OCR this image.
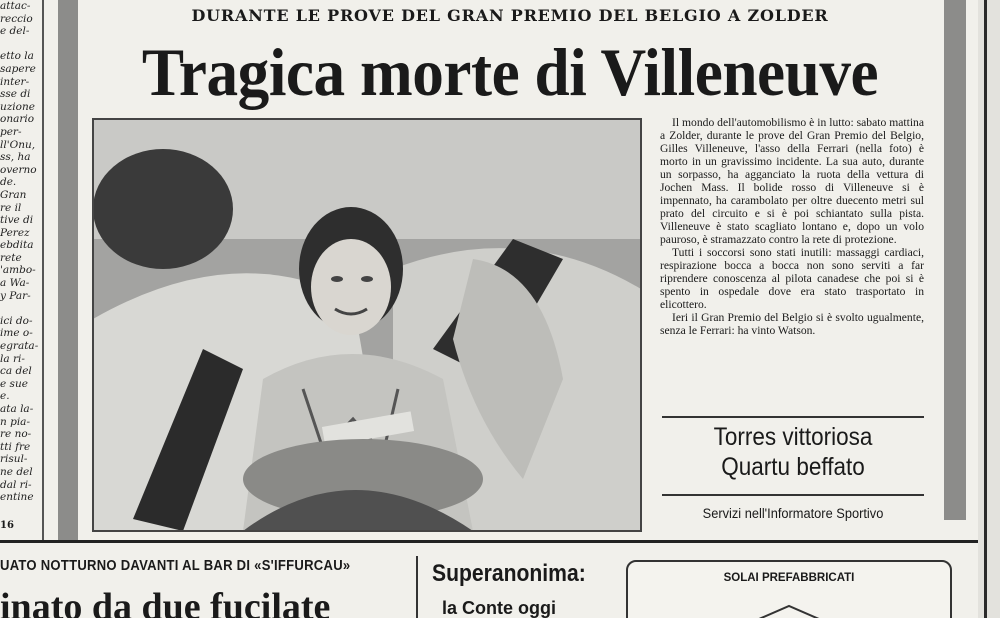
attac-
reccio
e del-

etto la
sapere
inter-
sse di
uzione
onario
per-
ll'Onu,
ss, ha
overno
de.
Gran
re il
tive di
Perez
ebdita
rete
'ambo-
a Wa-
y Par-

ici do-
ime o-
egrata-
la ri-
ca del
e sue
e.
ata la-
n pia-
re no-
tti fre
risul-
ne del
dal ri-
entine
DURANTE LE PROVE DEL GRAN PREMIO DEL BELGIO A ZOLDER
Tragica morte di Villeneuve

Il mondo dell'automobilismo è in lutto: sabato mattina a Zolder, durante le prove del Gran Premio del Belgio, Gilles Villeneuve, l'asso della Ferrari (nella foto) è morto in un gravissimo incidente. La sua auto, durante un sorpasso, ha agganciato la ruota della vettura di Jochen Mass. Il bolide rosso di Villeneuve si è impennato, ha carambolato per oltre duecento metri sul prato del circuito e si è poi schiantato sulla pista. Villeneuve è stato scagliato lontano e, dopo un volo pauroso, è stramazzato contro la rete di protezione.

Tutti i soccorsi sono stati inutili: massaggi cardiaci, respirazione bocca a bocca non sono serviti a far riprendere conoscenza al pilota canadese che poi si è spento in ospedale dove era stato trasportato in elicottero.

Ieri il Gran Premio del Belgio si è svolto ugualmente, senza le Ferrari: ha vinto Watson.

Torres vittoriosa
Quartu beffato
Servizi nell'Informatore Sportivo
16
UATO NOTTURNO DAVANTI AL BAR DI «S'IFFURCAU»
inato da due fucilate
Superanonima:
la Conte oggi
SOLAI PREFABBRICATI
